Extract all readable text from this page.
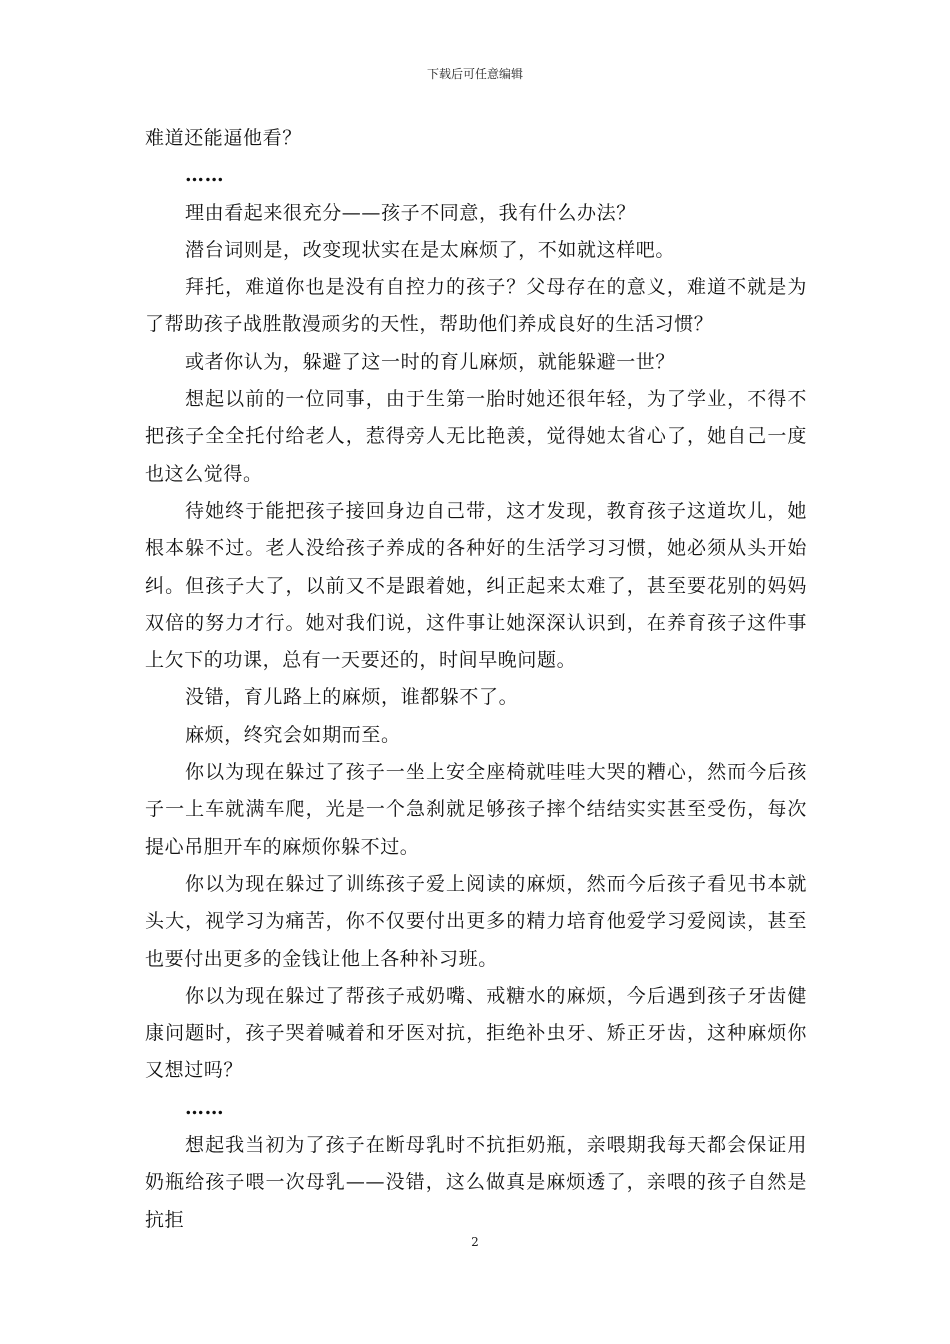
下载后可任意编辑

难道还能逼他看？

……

理由看起来很充分——孩子不同意，我有什么办法？

潜台词则是，改变现状实在是太麻烦了，不如就这样吧。

拜托，难道你也是没有自控力的孩子？父母存在的意义，难道不就是为了帮助孩子战胜散漫顽劣的天性，帮助他们养成良好的生活习惯？

或者你认为，躲避了这一时的育儿麻烦，就能躲避一世？

想起以前的一位同事，由于生第一胎时她还很年轻，为了学业，不得不把孩子全全托付给老人，惹得旁人无比艳羡，觉得她太省心了，她自己一度也这么觉得。

待她终于能把孩子接回身边自己带，这才发现，教育孩子这道坎儿，她根本躲不过。老人没给孩子养成的各种好的生活学习习惯，她必须从头开始纠。但孩子大了，以前又不是跟着她，纠正起来太难了，甚至要花别的妈妈双倍的努力才行。她对我们说，这件事让她深深认识到，在养育孩子这件事上欠下的功课，总有一天要还的，时间早晚问题。

没错，育儿路上的麻烦，谁都躲不了。

麻烦，终究会如期而至。

你以为现在躲过了孩子一坐上安全座椅就哇哇大哭的糟心，然而今后孩子一上车就满车爬，光是一个急刹就足够孩子摔个结结实实甚至受伤，每次提心吊胆开车的麻烦你躲不过。

你以为现在躲过了训练孩子爱上阅读的麻烦，然而今后孩子看见书本就头大，视学习为痛苦，你不仅要付出更多的精力培育他爱学习爱阅读，甚至也要付出更多的金钱让他上各种补习班。

你以为现在躲过了帮孩子戒奶嘴、戒糖水的麻烦，今后遇到孩子牙齿健康问题时，孩子哭着喊着和牙医对抗，拒绝补虫牙、矫正牙齿，这种麻烦你又想过吗？

……

想起我当初为了孩子在断母乳时不抗拒奶瓶，亲喂期我每天都会保证用奶瓶给孩子喂一次母乳——没错，这么做真是麻烦透了，亲喂的孩子自然是抗拒

2
